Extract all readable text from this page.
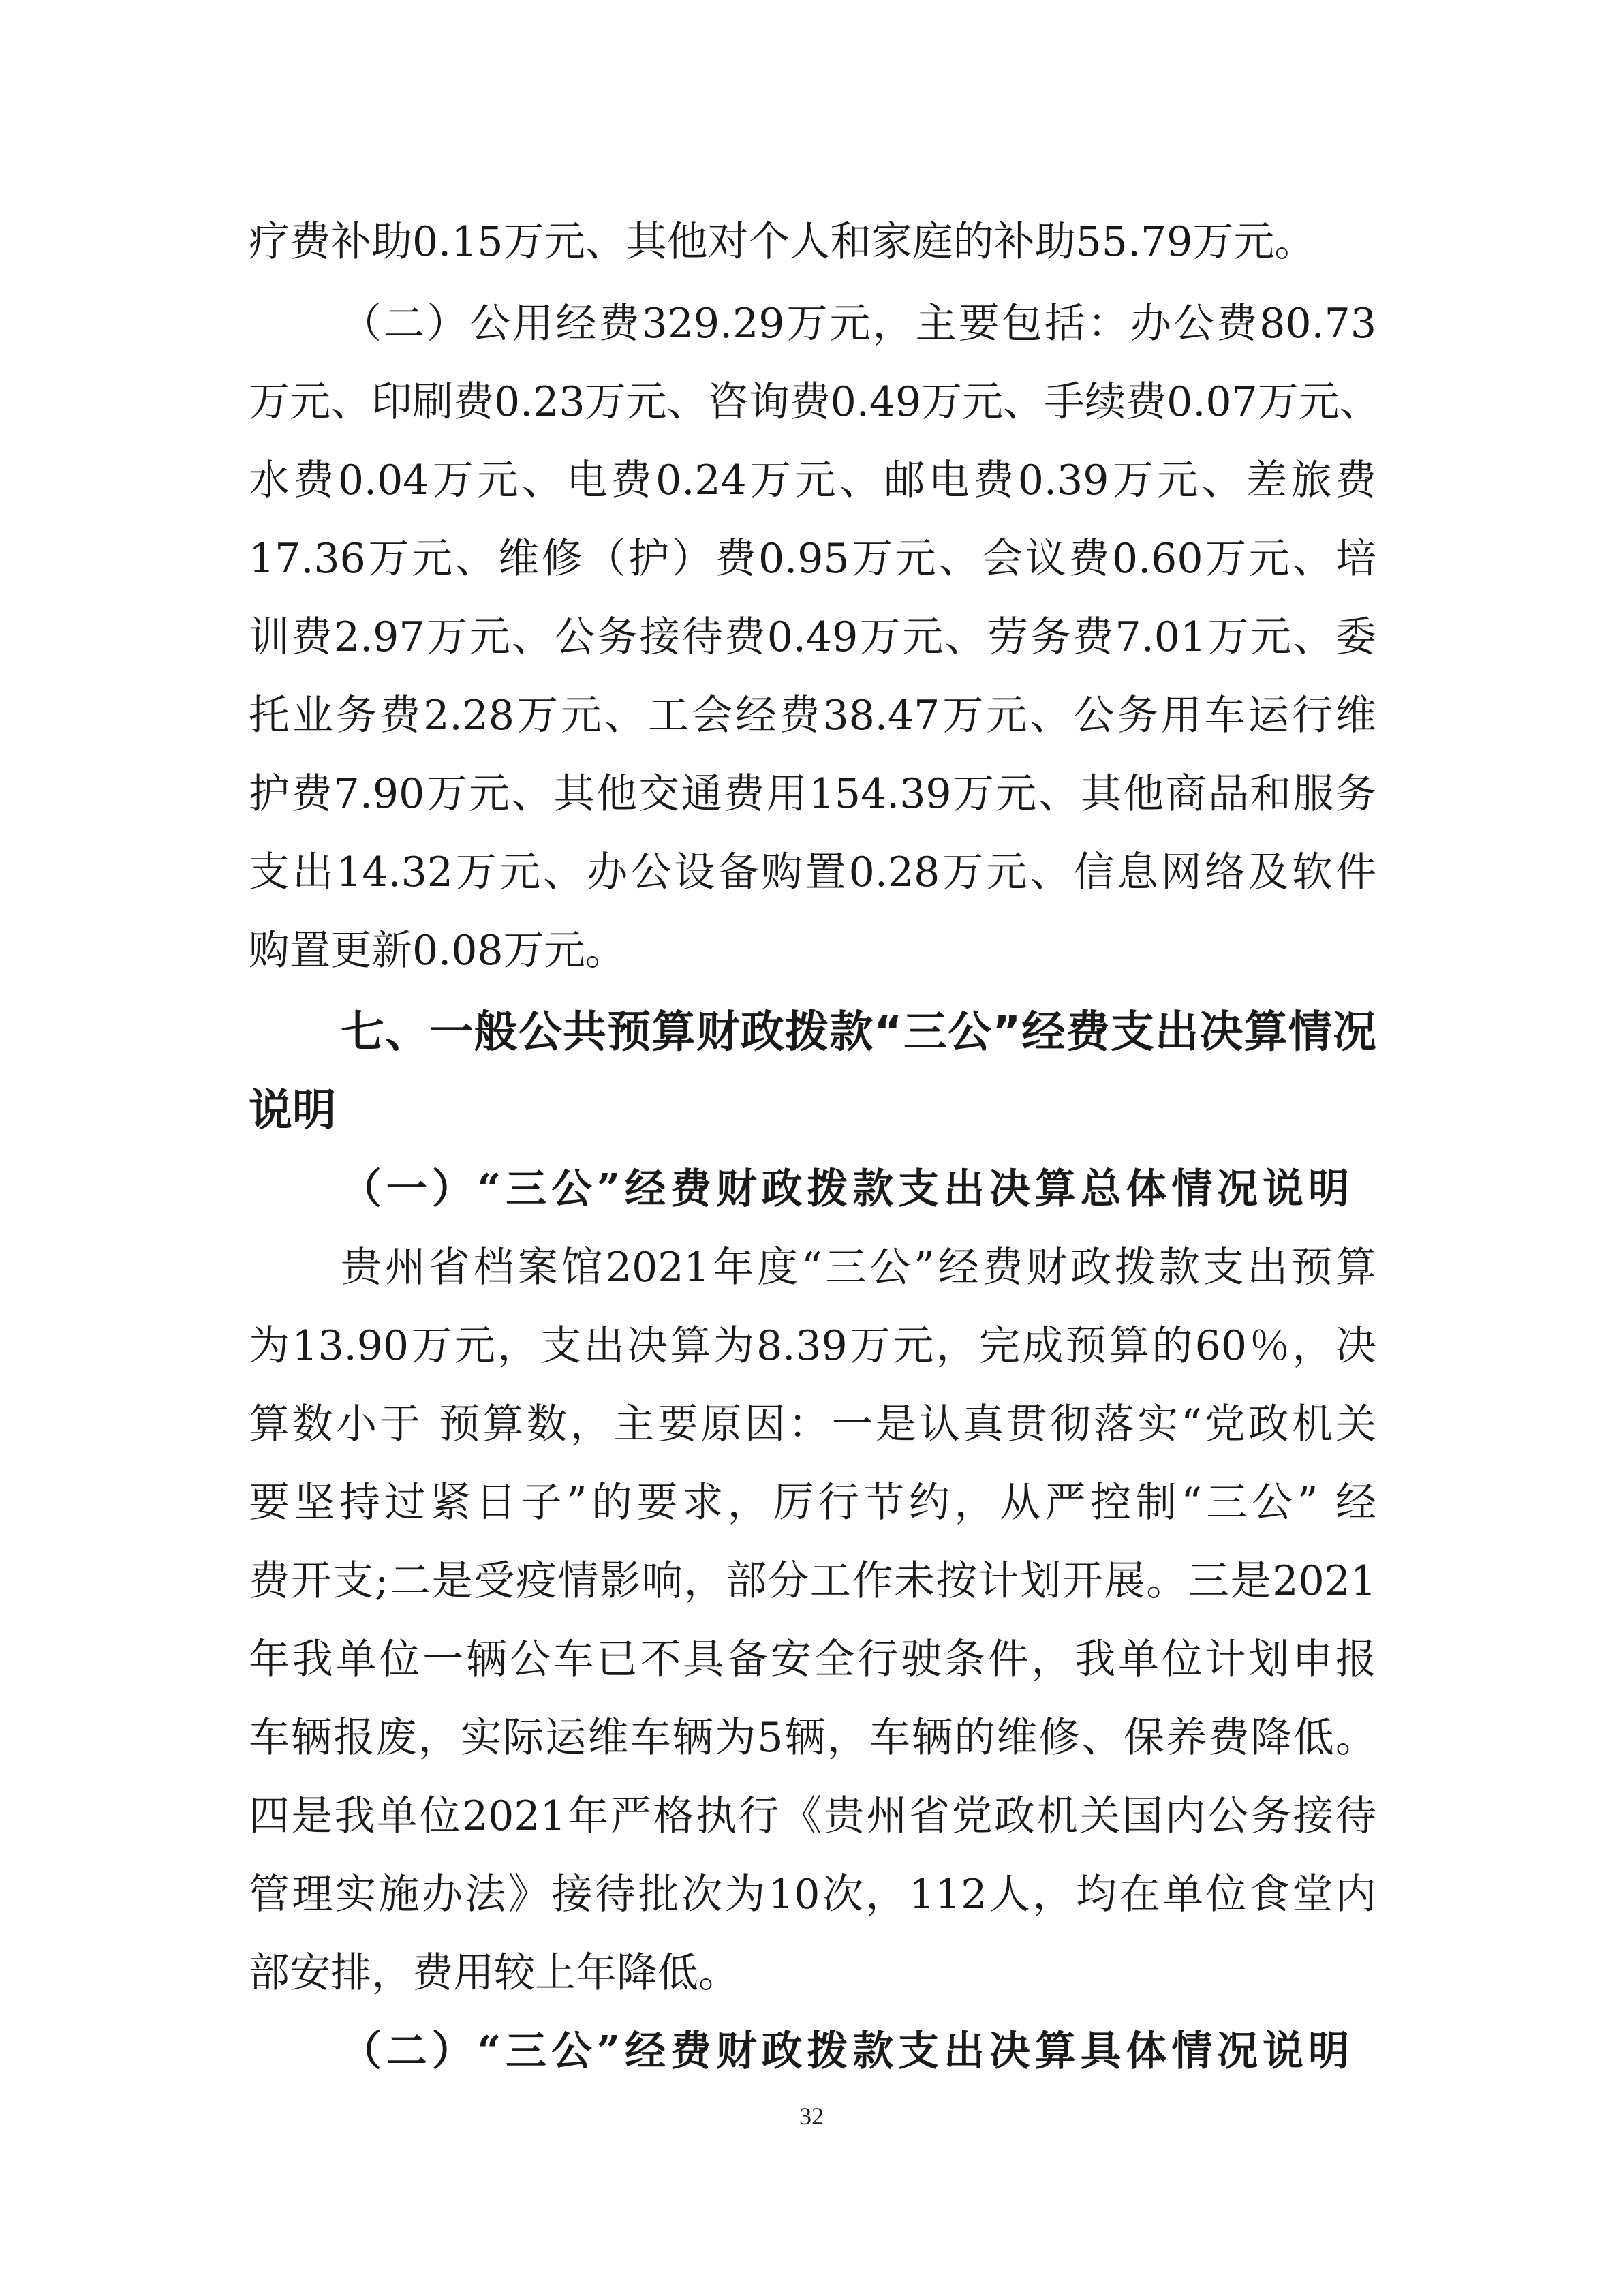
疗费补助0.15万元、其他对个人和家庭的补助55.79万元。
（二）公用经费329.29万元，主要包括：办公费80.73
万元、印刷费0.23万元、咨询费0.49万元、手续费0.07万元、
水费0.04万元、电费0.24万元、邮电费0.39万元、差旅费
17.36万元、维修（护）费0.95万元、会议费0.60万元、培
训费2.97万元、公务接待费0.49万元、劳务费7.01万元、委
托业务费2.28万元、工会经费38.47万元、公务用车运行维
护费7.90万元、其他交通费用154.39万元、其他商品和服务
支出14.32万元、办公设备购置0.28万元、信息网络及软件
购置更新0.08万元。
七、一般公共预算财政拨款“三公”经费支出决算情况
说明
（一）“三公”经费财政拨款支出决算总体情况说明
贵州省档案馆2021年度“三公”经费财政拨款支出预算
为13.90万元，支出决算为8.39万元，完成预算的60％，决
算数小于 预算数，主要原因：一是认真贯彻落实“党政机关
要坚持过紧日子”的要求，厉行节约，从严控制“三公” 经
费开支;二是受疫情影响，部分工作未按计划开展。三是2021
年我单位一辆公车已不具备安全行驶条件，我单位计划申报
车辆报废，实际运维车辆为5辆，车辆的维修、保养费降低。
四是我单位2021年严格执行《贵州省党政机关国内公务接待
管理实施办法》接待批次为10次，112人，均在单位食堂内
部安排，费用较上年降低。
（二）“三公”经费财政拨款支出决算具体情况说明
32
